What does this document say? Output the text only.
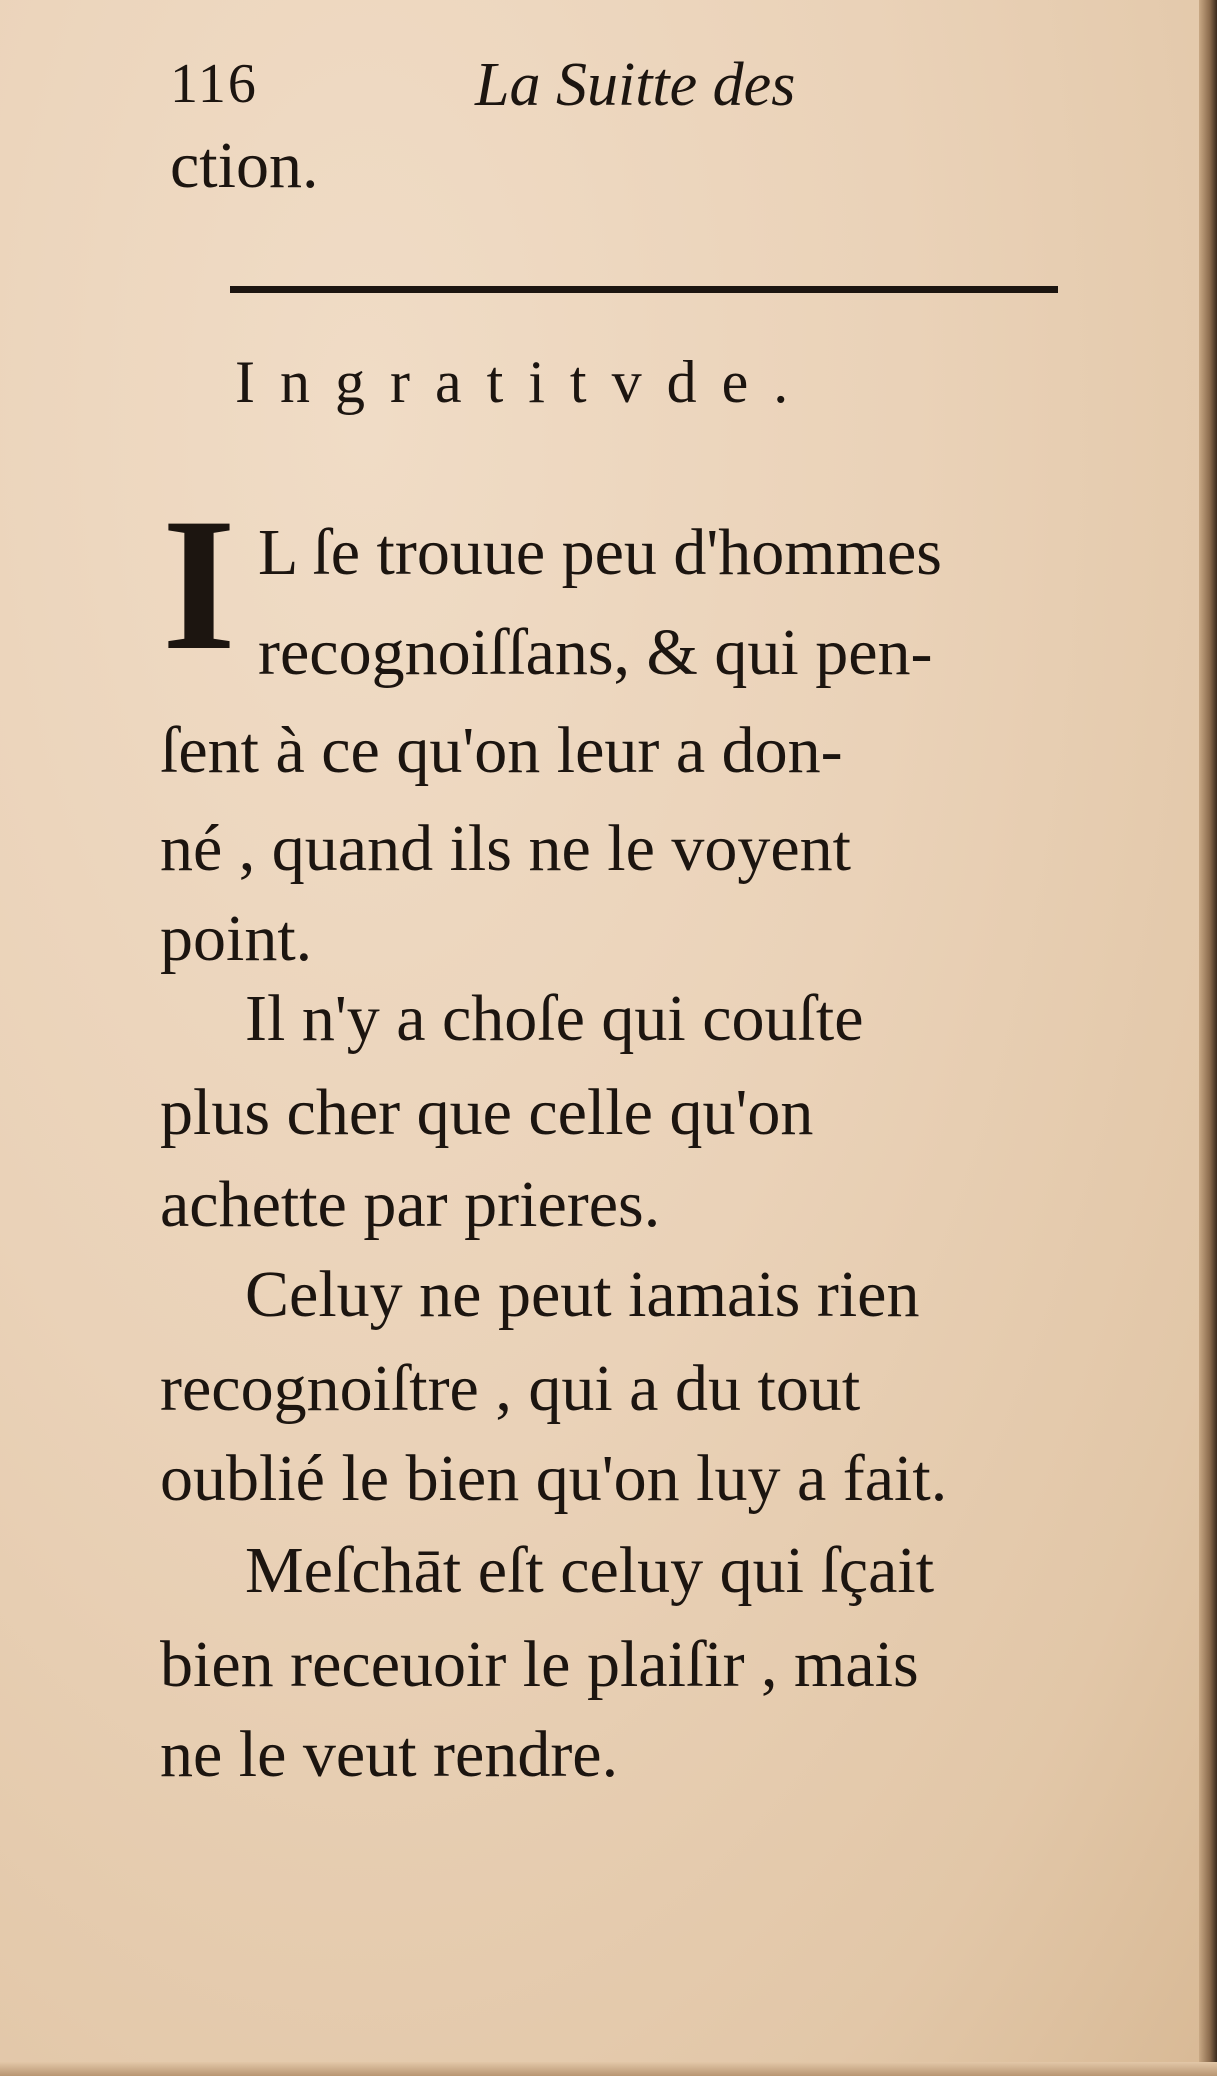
116	La Suitte des
ction.
Ingratitvde.
I L ſe trouue peu d'hommes
recognoiſſans, & qui pen-
ſent à ce qu'on leur a don-
né , quand ils ne le voyent
point.
Il n'y a choſe qui couſte
plus cher que celle qu'on
achette par prieres.
Celuy ne peut iamais rien
recognoiſtre , qui a du tout
oublié le bien qu'on luy a fait.
Meſchāt eſt celuy qui ſçait
bien receuoir le plaiſir , mais
ne le veut rendre.
